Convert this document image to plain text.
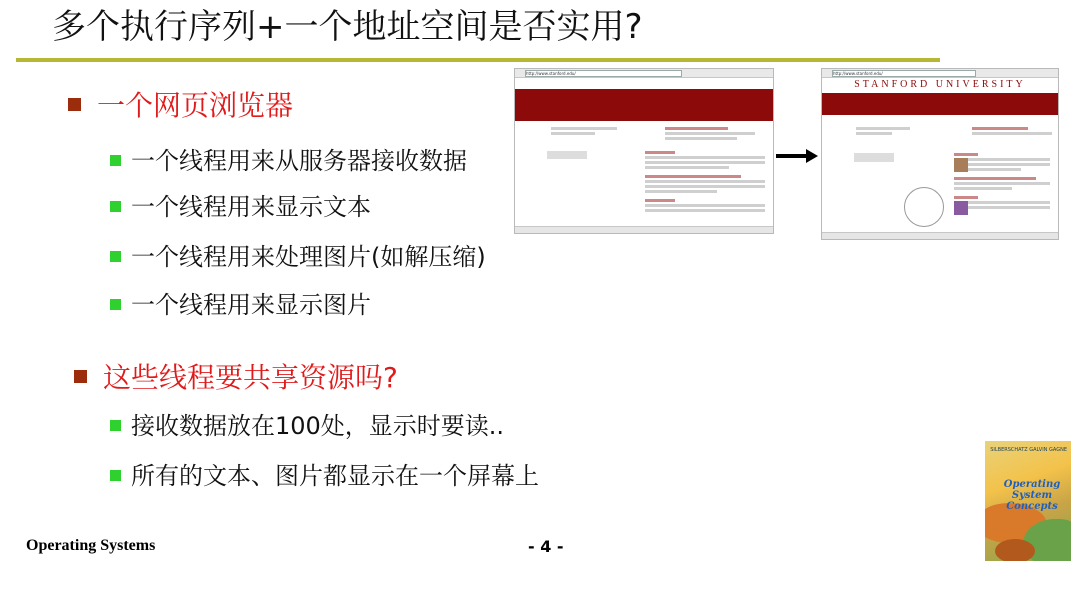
多个执行序列+一个地址空间是否实用?
一个网页浏览器
一个线程用来从服务器接收数据
一个线程用来显示文本
一个线程用来处理图片(如解压缩)
一个线程用来显示图片
这些线程要共享资源吗?
接收数据放在100处，显示时要读..
所有的文本、图片都显示在一个屏幕上
http://www.stanford.edu/	http://www.stanford.edu/
STANFORD UNIVERSITY
SILBERSCHATZ GALVIN GAGNE
Operating System Concepts
Operating Systems	- 4 -
